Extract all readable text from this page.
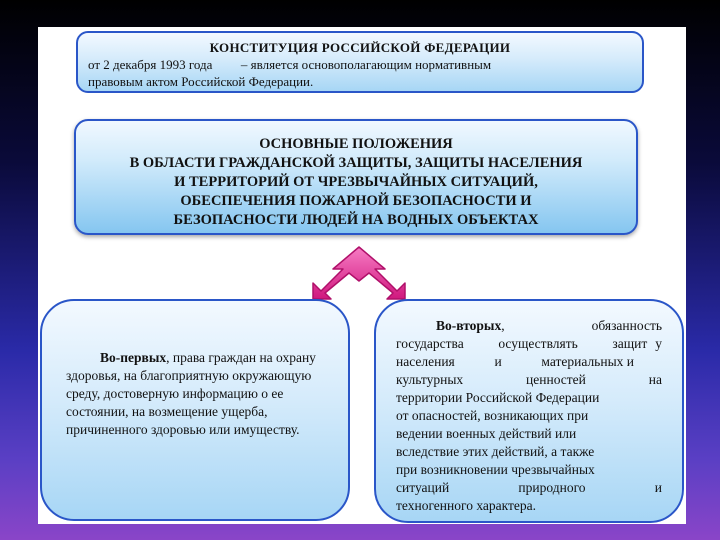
КОНСТИТУЦИЯ РОССИЙСКОЙ ФЕДЕРАЦИИ
от 2 декабря 1993 года – является основополагающим нормативным
правовым актом Российской Федерации.
ОСНОВНЫЕ ПОЛОЖЕНИЯ
В ОБЛАСТИ ГРАЖДАНСКОЙ ЗАЩИТЫ, ЗАЩИТЫ НАСЕЛЕНИЯ
И ТЕРРИТОРИЙ ОТ ЧРЕЗВЫЧАЙНЫХ СИТУАЦИЙ,
ОБЕСПЕЧЕНИЯ ПОЖАРНОЙ БЕЗОПАСНОСТИ И
БЕЗОПАСНОСТИ ЛЮДЕЙ НА ВОДНЫХ ОБЪЕКТАХ

Во-первых, права граждан на охрану здоровья, на благоприятную окружающую среду, достоверную информацию о ее состоянии, на возмещение ущерба, причиненного здоровью или имуществу.

Во-вторых,	обязанность
государства	осуществлять	защит у
населения	и	материальных и
культурных	ценностей	на
территории Российской Федерации
от опасностей, возникающих при
ведении военных действий или
вследствие этих действий, а также
при возникновении чрезвычайных
ситуаций	природного	и
техногенного характера.
